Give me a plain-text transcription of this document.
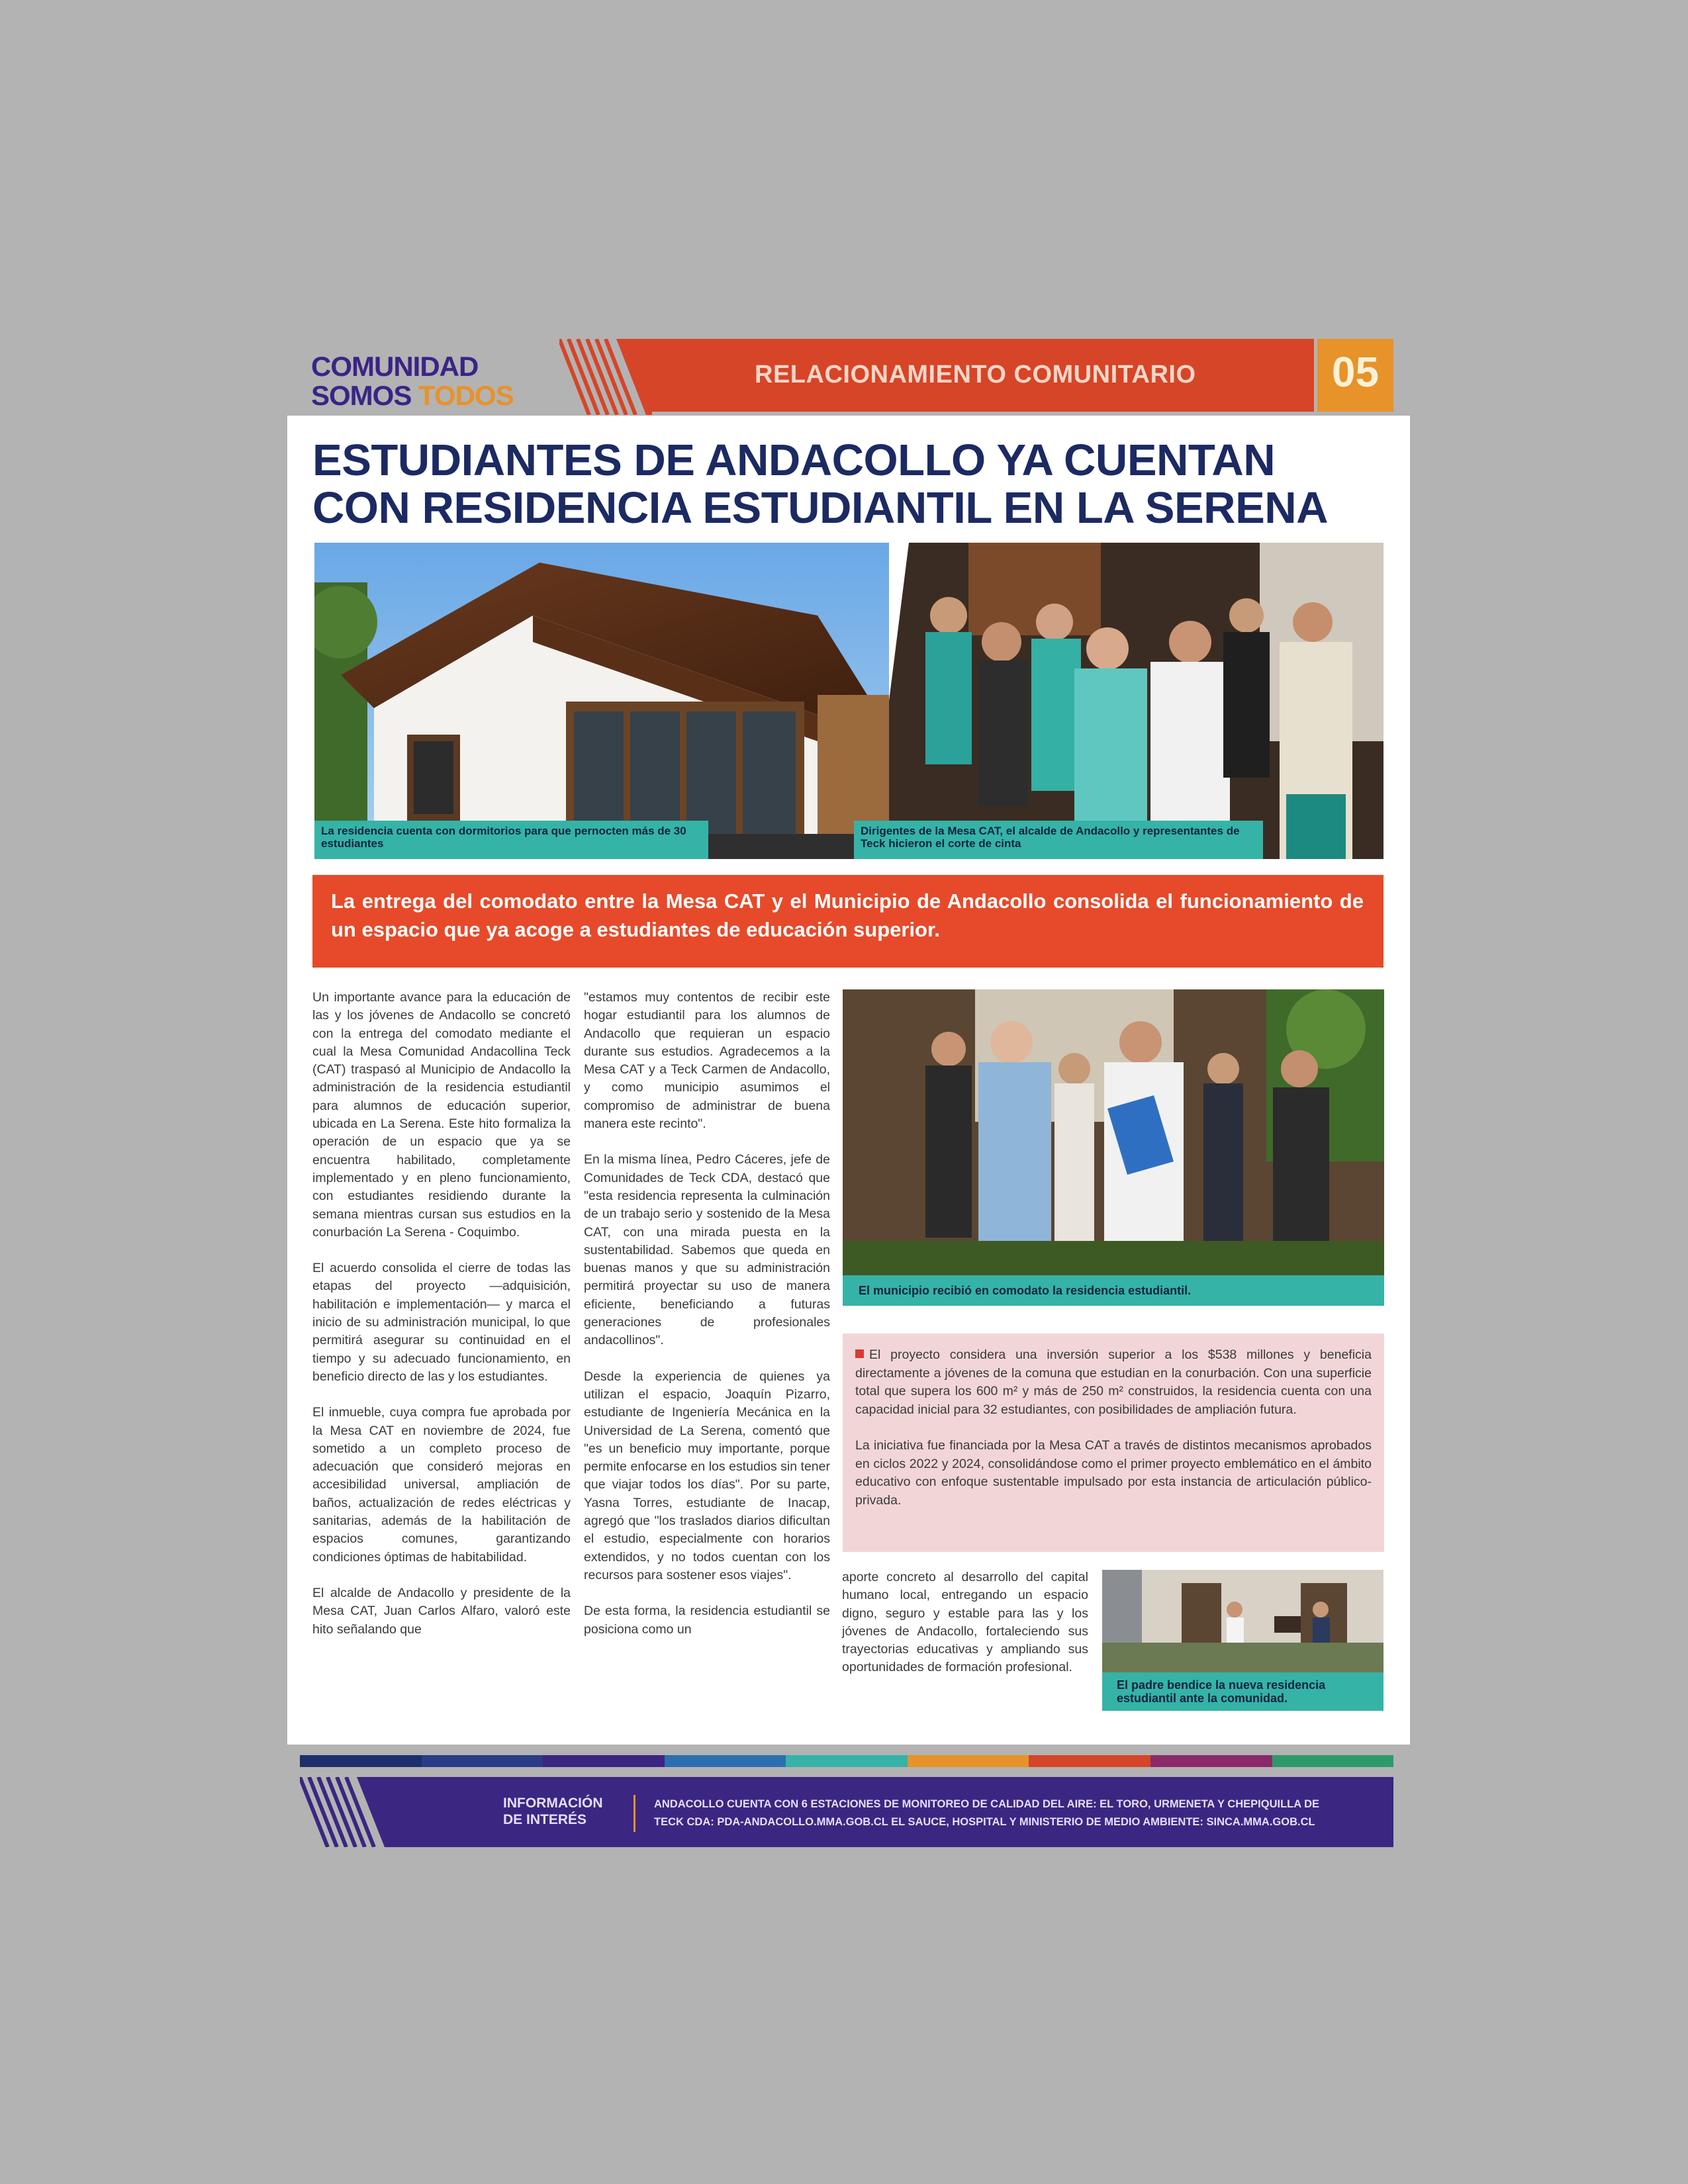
COMUNIDAD
SOMOS TODOS
RELACIONAMIENTO COMUNITARIO	05
ESTUDIANTES DE ANDACOLLO YA CUENTAN
CON RESIDENCIA ESTUDIANTIL EN LA SERENA
La residencia cuenta con dormitorios para que pernocten más de 30 estudiantes
Dirigentes de la Mesa CAT, el alcalde de Andacollo y representantes de Teck hicieron el corte de cinta
La entrega del comodato entre la Mesa CAT y el Municipio de Andacollo consolida el funcionamiento de un espacio que ya acoge a estudiantes de educación superior.

Un importante avance para la educación de las y los jóvenes de Andacollo se concretó con la entrega del comodato mediante el cual la Mesa Comunidad Andacollina Teck (CAT) traspasó al Municipio de Andacollo la administración de la residencia estudiantil para alumnos de educación superior, ubicada en La Serena. Este hito formaliza la operación de un espacio que ya se encuentra habilitado, completamente implementado y en pleno funcionamiento, con estudiantes residiendo durante la semana mientras cursan sus estudios en la conurbación La Serena - Coquimbo.

El acuerdo consolida el cierre de todas las etapas del proyecto —adquisición, habilitación e implementación— y marca el inicio de su administración municipal, lo que permitirá asegurar su continuidad en el tiempo y su adecuado funcionamiento, en beneficio directo de las y los estudiantes.

El inmueble, cuya compra fue aprobada por la Mesa CAT en noviembre de 2024, fue sometido a un completo proceso de adecuación que consideró mejoras en accesibilidad universal, ampliación de baños, actualización de redes eléctricas y sanitarias, además de la habilitación de espacios comunes, garantizando condiciones óptimas de habitabilidad.

El alcalde de Andacollo y presidente de la Mesa CAT, Juan Carlos Alfaro, valoró este hito señalando que

"estamos muy contentos de recibir este hogar estudiantil para los alumnos de Andacollo que requieran un espacio durante sus estudios. Agradecemos a la Mesa CAT y a Teck Carmen de Andacollo, y como municipio asumimos el compromiso de administrar de buena manera este recinto".

En la misma línea, Pedro Cáceres, jefe de Comunidades de Teck CDA, destacó que "esta residencia representa la culminación de un trabajo serio y sostenido de la Mesa CAT, con una mirada puesta en la sustentabilidad. Sabemos que queda en buenas manos y que su administración permitirá proyectar su uso de manera eficiente, beneficiando a futuras generaciones de profesionales andacollinos".

Desde la experiencia de quienes ya utilizan el espacio, Joaquín Pizarro, estudiante de Ingeniería Mecánica en la Universidad de La Serena, comentó que "es un beneficio muy importante, porque permite enfocarse en los estudios sin tener que viajar todos los días". Por su parte, Yasna Torres, estudiante de Inacap, agregó que "los traslados diarios dificultan el estudio, especialmente con horarios extendidos, y no todos cuentan con los recursos para sostener esos viajes".

De esta forma, la residencia estudiantil se posiciona como un

El municipio recibió en comodato la residencia estudiantil.

El proyecto considera una inversión superior a los $538 millones y beneficia directamente a jóvenes de la comuna que estudian en la conurbación. Con una superficie total que supera los 600 m² y más de 250 m² construidos, la residencia cuenta con una capacidad inicial para 32 estudiantes, con posibilidades de ampliación futura.

La iniciativa fue financiada por la Mesa CAT a través de distintos mecanismos aprobados en ciclos 2022 y 2024, consolidándose como el primer proyecto emblemático en el ámbito educativo con enfoque sustentable impulsado por esta instancia de articulación público-privada.

aporte concreto al desarrollo del capital humano local, entregando un espacio digno, seguro y estable para las y los jóvenes de Andacollo, fortaleciendo sus trayectorias educativas y ampliando sus oportunidades de formación profesional.

El padre bendice la nueva residencia estudiantil ante la comunidad.
INFORMACIÓN
DE INTERÉS
ANDACOLLO CUENTA CON 6 ESTACIONES DE MONITOREO DE CALIDAD DEL AIRE: EL TORO, URMENETA Y CHEPIQUILLA DE
TECK CDA: PDA-ANDACOLLO.MMA.GOB.CL EL SAUCE, HOSPITAL Y MINISTERIO DE MEDIO AMBIENTE: SINCA.MMA.GOB.CL
